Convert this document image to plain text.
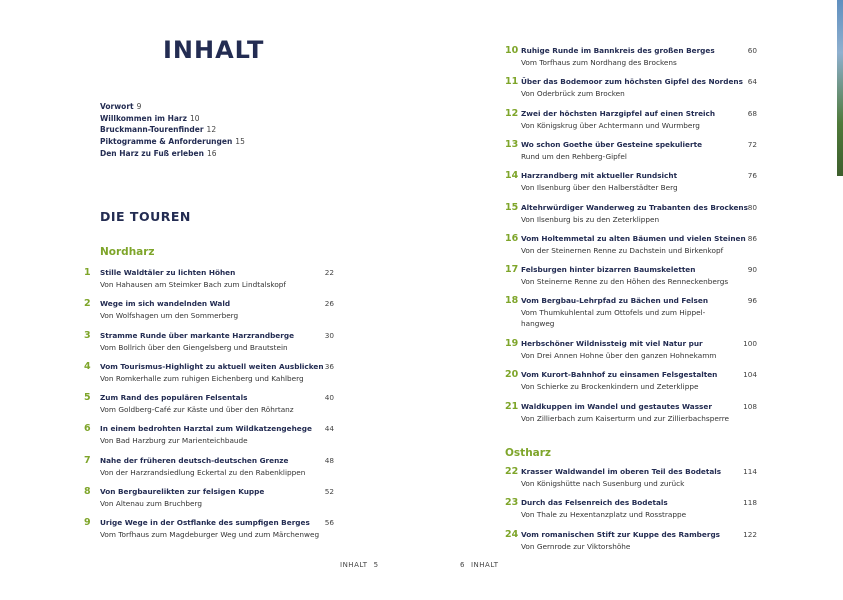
INHALT
Vorwort 9
Willkommen im Harz 10
Bruckmann-Tourenfinder 12
Piktogramme & Anforderungen 15
Den Harz zu Fuß erleben 16
DIE TOUREN
Nordharz
1	Stille Waldtäler zu lichten Höhen
Von Hahausen am Steimker Bach zum Lindtalskopf
22
2	Wege im sich wandelnden Wald
Von Wolfshagen um den Sommerberg
26
3	Stramme Runde über markante Harzrandberge
Vom Bollrich über den Giengelsberg und Brautstein
30
4	Vom Tourismus-Highlight zu aktuell weiten Ausblicken
Von Romkerhalle zum ruhigen Eichenberg und Kahlberg
36
5	Zum Rand des populären Felsentals
Vom Goldberg-Café zur Käste und über den Röhrtanz
40
6	In einem bedrohten Harztal zum Wildkatzengehege
Von Bad Harzburg zur Marienteichbaude
44
7	Nahe der früheren deutsch-deutschen Grenze
Von der Harzrandsiedlung Eckertal zu den Rabenklippen
48
8	Von Bergbaurelikten zur felsigen Kuppe
Von Altenau zum Bruchberg
52
9	Urige Wege in der Ostflanke des sumpfigen Berges
Vom Torfhaus zum Magdeburger Weg und zum Märchenweg
56
INHALT 5
10 Ruhige Runde im Bannkreis des großen Berges
Vom Torfhaus zum Nordhang des Brockens
60
11 Über das Bodemoor zum höchsten Gipfel des Nordens
Von Oderbrück zum Brocken
64
12 Zwei der höchsten Harzgipfel auf einen Streich
Von Königskrug über Achtermann und Wurmberg
68
13 Wo schon Goethe über Gesteine spekulierte
Rund um den Rehberg-Gipfel
72
14 Harzrandberg mit aktueller Rundsicht
Von Ilsenburg über den Halberstädter Berg
76
15 Altehrwürdiger Wanderweg zu Trabanten des Brockens
Von Ilsenburg bis zu den Zeterklippen
80
16 Vom Holtemmetal zu alten Bäumen und vielen Steinen
Von der Steinernen Renne zu Dachstein und Birkenkopf
86
17 Felsburgen hinter bizarren Baumskeletten
Von Steinerne Renne zu den Höhen des Renneckenbergs
90
18 Vom Bergbau-Lehrpfad zu Bächen und Felsen
Vom Thumkuhlental zum Ottofels und zum Hippel-hangweg
96
19 Herbschöner Wildnissteig mit viel Natur pur
Von Drei Annen Hohne über den ganzen Hohnekamm
100
20 Vom Kurort-Bahnhof zu einsamen Felsgestalten
Von Schierke zu Brockenkindern und Zeterklippe
104
21 Waldkuppen im Wandel und gestautes Wasser
Von Zillierbach zum Kaiserturm und zur Zillierbachsperre
108
Ostharz
22 Krasser Waldwandel im oberen Teil des Bodetals
Von Königshütte nach Susenburg und zurück
114
23 Durch das Felsenreich des Bodetals
Von Thale zu Hexentanzplatz und Rosstrappe
118
24 Vom romanischen Stift zur Kuppe des Rambergs
Von Gernrode zur Viktorshöhe
122
6 INHALT
